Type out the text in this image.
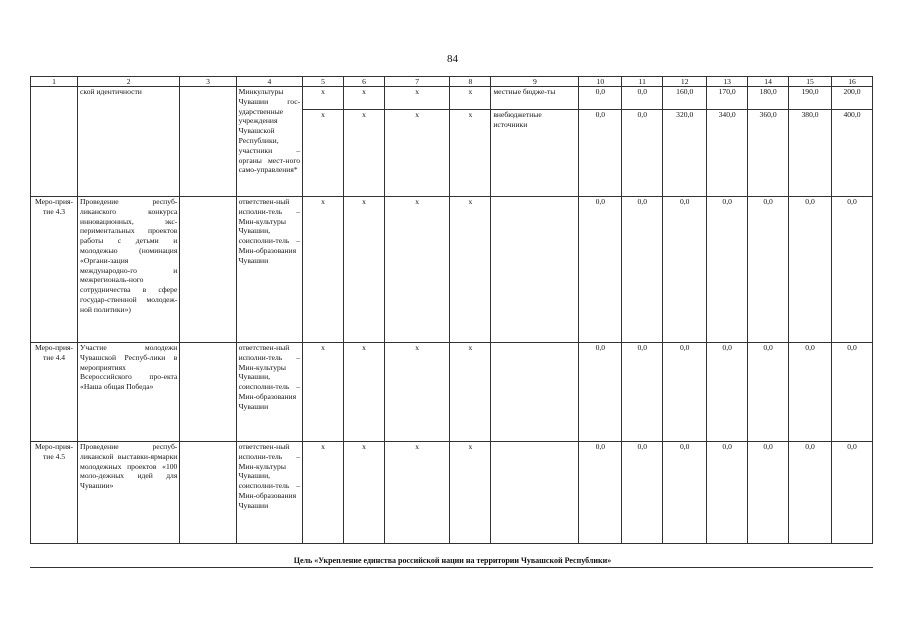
84
1	2	3	4	5	6	7	8	9	10	11	12	13	14	15	16
	ской идентичности		Минкультуры Чувашии гос-ударственные учреждения Чувашской Республики, участники – органы мест-ного само-управления*	x	x	x	x	местные бюдже-ты	0,0	0,0	160,0	170,0	180,0	190,0	200,0
				x	x	x	x	внебюджетные источники	0,0	0,0	320,0	340,0	360,0	380,0	400,0
Меро-прия-тие 4.3	Проведение респуб-ликанского конкурса инновационных, экс-периментальных проектов работы с детьми и молодежью (номинация «Органи-зация международно-го и межрегиональ-ного сотрудничества в сфере государ-ственной молодеж-ной политики»)		ответствен-ный исполни-тель – Мин-культуры Чувашии, соисполни-тель – Мин-образования Чувашии	x	x	x	x		0,0	0,0	0,0	0,0	0,0	0,0	0,0
Меро-прия-тие 4.4	Участие молодежи Чувашской Респуб-лики в мероприятиях Всероссийского про-екта «Наша общая Победа»		ответствен-ный исполни-тель – Мин-культуры Чувашии, соисполни-тель – Мин-образования Чувашии	x	x	x	x		0,0	0,0	0,0	0,0	0,0	0,0	0,0
Меро-прия-тие 4.5	Проведение респуб-ликанской выставки-ярмарки молодежных проектов «100 моло-дежных идей для Чувашии»		ответствен-ный исполни-тель – Мин-культуры Чувашии, соисполни-тель – Мин-образования Чувашии	x	x	x	x		0,0	0,0	0,0	0,0	0,0	0,0	0,0
Цель «Укрепление единства российской нации на территории Чувашской Республики»
